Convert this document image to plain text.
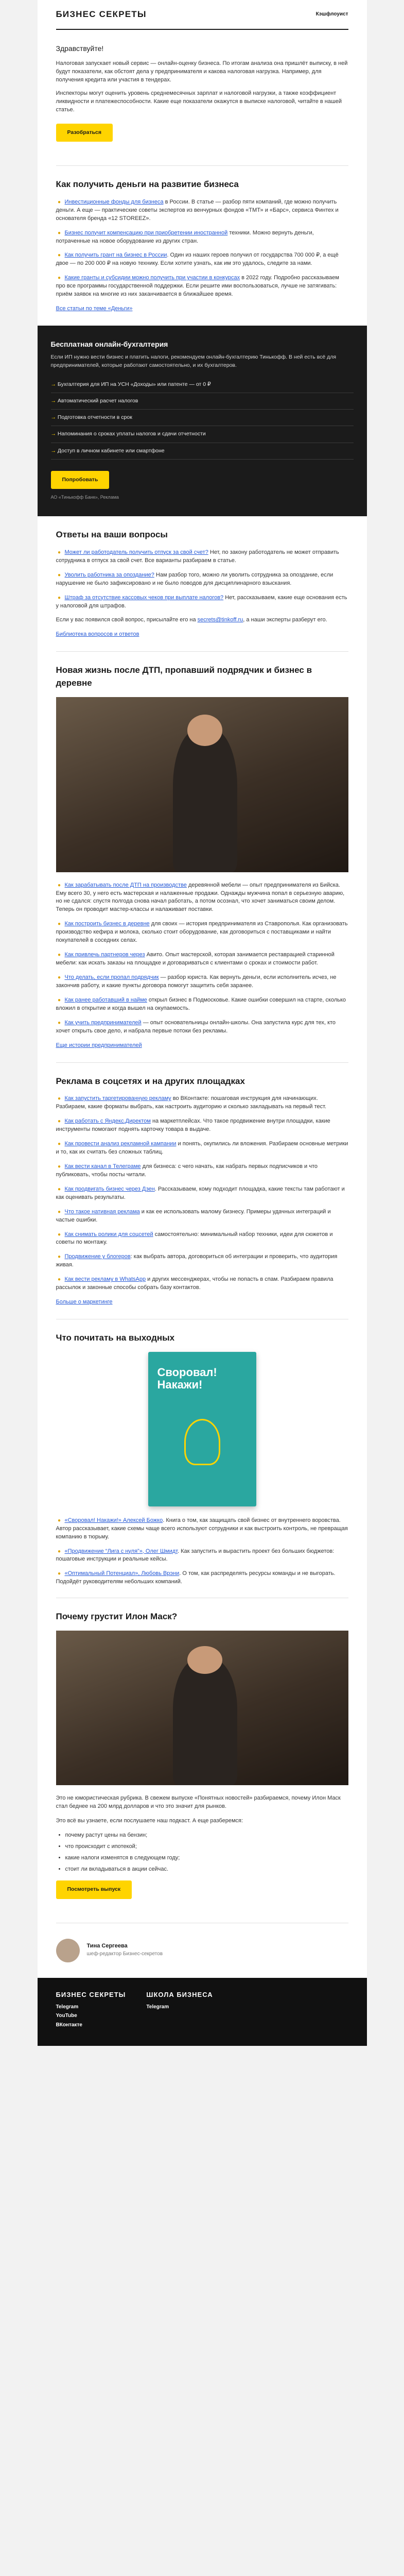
БИЗНЕС СЕКРЕТЫ	Кэшфлоуист
Здравствуйте!

Налоговая запускает новый сервис — онлайн-оценку бизнеса. По итогам анализа она пришлёт выписку, в ней будут показатели, как обстоят дела у предпринимателя и какова налоговая нагрузка. Например, для получения кредита или участия в тендерах.

Инспекторы могут оценить уровень среднемесячных зарплат и налоговой нагрузки, а также коэффициент ликвидности и платежеспособности. Какие еще показатели окажутся в выписке налоговой, читайте в нашей статье.

Разобраться
Как получить деньги на развитие бизнеса
● Инвестиционные фонды для бизнеса в России. В статье — разбор пяти компаний, где можно получить деньги. А еще — практические советы экспертов из венчурных фондов «ТМТ» и «Барс», сервиса Финтех и основателя бренда «12 STOREEZ».
● Бизнес получит компенсацию при приобретении иностранной техники. Можно вернуть деньги, потраченные на новое оборудование из других стран.
● Как получить грант на бизнес в России. Один из наших героев получил от государства 700 000 ₽, а ещё двое — по 200 000 ₽ на новую технику. Если хотите узнать, как им это удалось, следите за нами.
● Какие гранты и субсидии можно получить при участии в конкурсах в 2022 году. Подробно рассказываем про все программы государственной поддержки. Если решите ими воспользоваться, лучше не затягивать: приём заявок на многие из них заканчивается в ближайшее время.
Все статьи по теме «Деньги»
Бесплатная онлайн-бухгалтерия

Если ИП нужно вести бизнес и платить налоги, рекомендуем онлайн-бухгалтерию Тинькофф. В ней есть всё для предпринимателей, которые работают самостоятельно, и их бухгалтеров.

→ Бухгалтерия для ИП на УСН «Доходы» или патенте — от 0 ₽
→ Автоматический расчет налогов
→ Подготовка отчетности в срок
→ Напоминания о сроках уплаты налогов и сдачи отчетности
→ Доступ в личном кабинете или смартфоне
Попробовать
АО «Тинькофф Банк», Реклама
Ответы на ваши вопросы
● Может ли работодатель получить отпуск за свой счет? Нет, по закону работодатель не может отправить сотрудника в отпуск за свой счет. Все варианты разбираем в статье.
● Уволить работника за опоздание? Нам разбор того, можно ли уволить сотрудника за опоздание, если нарушение не было зафиксировано и не было поводов для дисциплинарного взыскания.
● Штраф за отсутствие кассовых чеков при выплате налогов? Нет, рассказываем, какие еще основания есть у налоговой для штрафов.
Если у вас появился свой вопрос, присылайте его на secrets@tinkoff.ru, а наши эксперты разберут его.
Библиотека вопросов и ответов
Новая жизнь после ДТП, пропавший подрядчик и бизнес в деревне
● Как зарабатывать после ДТП на производстве деревянной мебели — опыт предпринимателя из Бийска. Ему всего 30, у него есть мастерская и налаженные продажи. Однажды мужчина попал в серьезную аварию, но не сдался: спустя полгода снова начал работать, а потом осознал, что хочет заниматься своим делом. Теперь он проводит мастер-классы и налаживает поставки.
● Как построить бизнес в деревне для своих — история предпринимателя из Ставрополья. Как организовать производство кефира и молока, сколько стоит оборудование, как договориться с поставщиками и найти покупателей в соседних селах.
● Как привлечь партнеров через Авито. Опыт мастерской, которая занимается реставрацией старинной мебели: как искать заказы на площадке и договариваться с клиентами о сроках и стоимости работ.
● Что делать, если пропал подрядчик — разбор юриста. Как вернуть деньги, если исполнитель исчез, не закончив работу, и какие пункты договора помогут защитить себя заранее.
● Как ранее работавший в найме открыл бизнес в Подмосковье. Какие ошибки совершил на старте, сколько вложил в открытие и когда вышел на окупаемость.
● Как учить предпринимателей — опыт основательницы онлайн-школы. Она запустила курс для тех, кто хочет открыть свое дело, и набрала первые потоки без рекламы.
Еще истории предпринимателей
Реклама в соцсетях и на других площадках
● Как запустить таргетированную рекламу во ВКонтакте: пошаговая инструкция для начинающих. Разбираем, какие форматы выбрать, как настроить аудиторию и сколько закладывать на первый тест.
● Как работать с Яндекс.Директом на маркетплейсах. Что такое продвижение внутри площадки, какие инструменты помогают поднять карточку товара в выдаче.
● Как провести анализ рекламной кампании и понять, окупились ли вложения. Разбираем основные метрики и то, как их считать без сложных таблиц.
● Как вести канал в Телеграме для бизнеса: с чего начать, как набрать первых подписчиков и что публиковать, чтобы посты читали.
● Как продвигать бизнес через Дзен. Рассказываем, кому подходит площадка, какие тексты там работают и как оценивать результаты.
● Что такое нативная реклама и как ее использовать малому бизнесу. Примеры удачных интеграций и частые ошибки.
● Как снимать ролики для соцсетей самостоятельно: минимальный набор техники, идеи для сюжетов и советы по монтажу.
● Продвижение у блогеров: как выбрать автора, договориться об интеграции и проверить, что аудитория живая.
● Как вести рекламу в WhatsApp и других мессенджерах, чтобы не попасть в спам. Разбираем правила рассылок и законные способы собрать базу контактов.
Больше о маркетинге
Что почитать на выходных
Своровал! Накажи!
● «Своровал! Накажи!» Алексей Божко. Книга о том, как защищать свой бизнес от внутреннего воровства. Автор рассказывает, какие схемы чаще всего используют сотрудники и как выстроить контроль, не превращая компанию в тюрьму.
● «Продвижение “Лига с нуля”», Олег Шмидт. Как запустить и вырастить проект без больших бюджетов: пошаговые инструкции и реальные кейсы.
● «Оптимальный Потенциал», Любовь Врэни. О том, как распределять ресурсы команды и не выгорать. Подойдёт руководителям небольших компаний.
Почему грустит Илон Маск?

Это не юмористическая рубрика. В свежем выпуске «Понятных новостей» разбираемся, почему Илон Маск стал беднее на 200 млрд долларов и что это значит для рынков.

Это всё вы узнаете, если послушаете наш подкаст. А еще разберемся:

• почему растут цены на бензин;
• что происходит с ипотекой;
• какие налоги изменятся в следующем году;
• стоит ли вкладываться в акции сейчас.
Посмотреть выпуск
Тина Сергеева
шеф-редактор Бизнес-секретов
БИЗНЕС СЕКРЕТЫ
Telegram
YouTube
ВКонтакте
ШКОЛА БИЗНЕСА
Telegram
